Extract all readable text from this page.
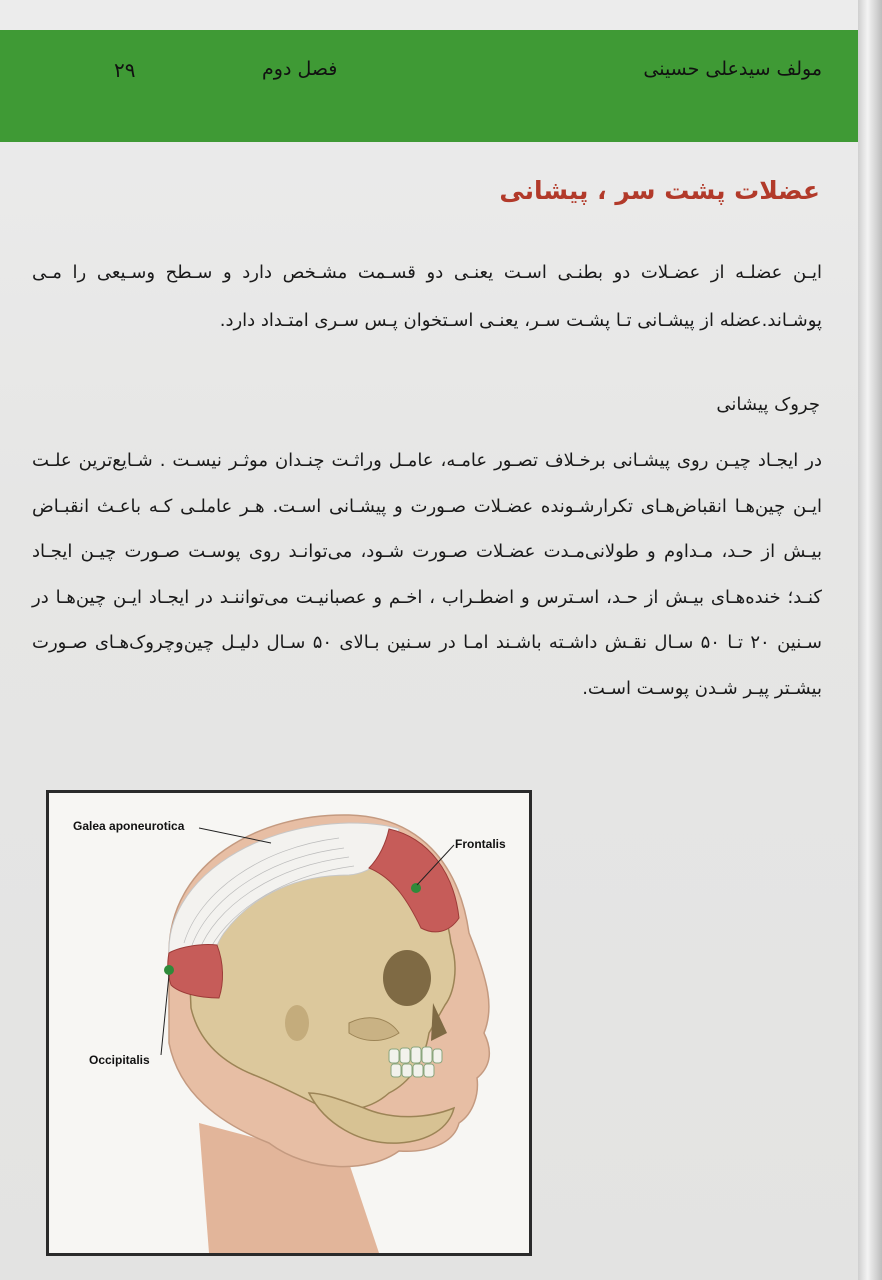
مولف سیدعلی حسینی
فصل دوم
۲۹
عضلات پشت سر ، پیشانی
ایـن عضلـه از عضـلات دو بطنـی اسـت یعنـی دو قسـمت مشـخص دارد و سـطح وسـیعی را مـی پوشـاند.عضله از پیشـانی تـا پشـت سـر، یعنـی اسـتخوان پـس سـری امتـداد دارد.
چروک پیشانی
در ایجـاد چیـن روی پیشـانی برخـلاف تصـور عامـه، عامـل وراثـت چنـدان موثـر نیسـت . شـایع‌ترین علـت ایـن چین‌هـا انقباض‌هـای تکرارشـونده عضـلات صـورت و پیشـانی اسـت. هـر عاملـی کـه باعـث انقبـاض بیـش از حـد، مـداوم و طولانی‌مـدت عضـلات صـورت شـود، می‌توانـد روی پوسـت صـورت چیـن ایجـاد کنـد؛ خنده‌هـای بیـش از حـد، اسـترس و اضطـراب ، اخـم و عصبانیـت می‌تواننـد در ایجـاد ایـن چین‌هـا در سـنین ۲۰ تـا ۵۰ سـال نقـش داشـته باشـند امـا در سـنین بـالای ۵۰ سـال دلیـل چین‌وچروک‌هـای صـورت بیشـتر پیـر شـدن پوسـت اسـت.
Galea aponeurotica
Frontalis
Occipitalis
